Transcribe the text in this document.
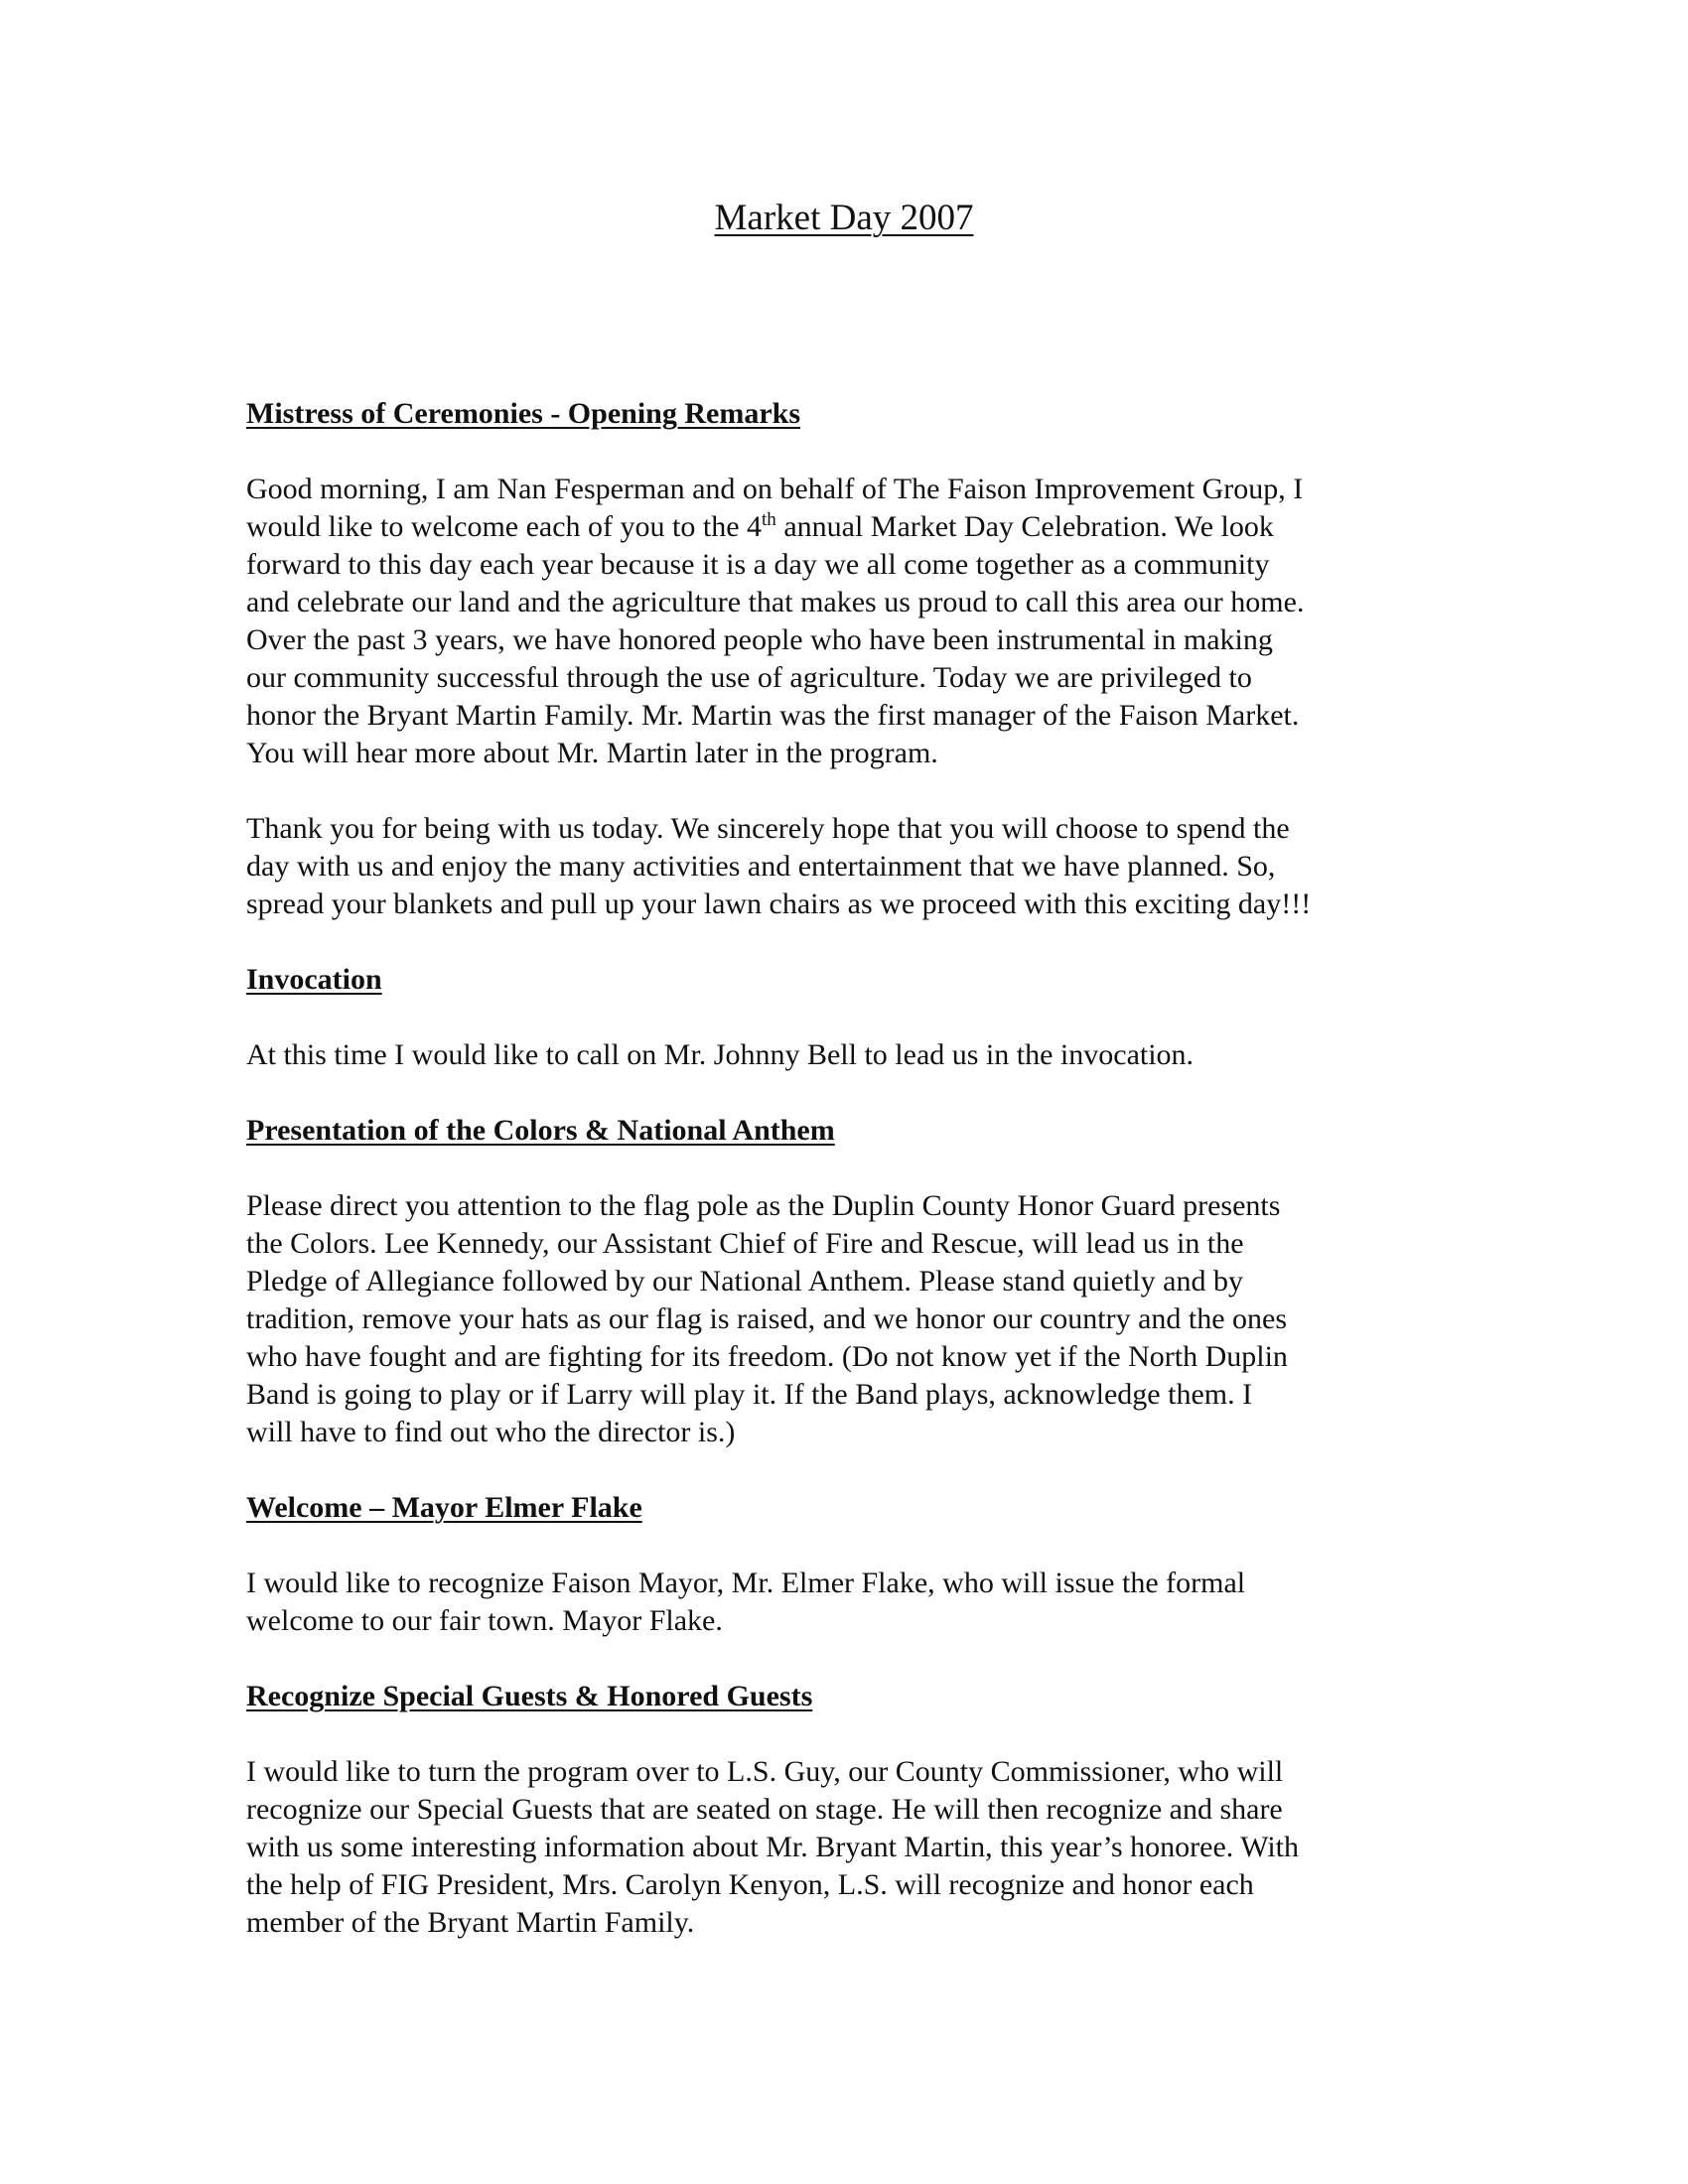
Market Day 2007
Mistress of Ceremonies - Opening Remarks
Good morning, I am Nan Fesperman and on behalf of The Faison Improvement Group, I
would like to welcome each of you to the 4th annual Market Day Celebration. We look
forward to this day each year because it is a day we all come together as a community
and celebrate our land and the agriculture that makes us proud to call this area our home.
Over the past 3 years, we have honored people who have been instrumental in making
our community successful through the use of agriculture. Today we are privileged to
honor the Bryant Martin Family. Mr. Martin was the first manager of the Faison Market.
You will hear more about Mr. Martin later in the program.
Thank you for being with us today. We sincerely hope that you will choose to spend the
day with us and enjoy the many activities and entertainment that we have planned. So,
spread your blankets and pull up your lawn chairs as we proceed with this exciting day!!!
Invocation
At this time I would like to call on Mr. Johnny Bell to lead us in the invocation.
Presentation of the Colors & National Anthem
Please direct you attention to the flag pole as the Duplin County Honor Guard presents
the Colors. Lee Kennedy, our Assistant Chief of Fire and Rescue, will lead us in the
Pledge of Allegiance followed by our National Anthem. Please stand quietly and by
tradition, remove your hats as our flag is raised, and we honor our country and the ones
who have fought and are fighting for its freedom. (Do not know yet if the North Duplin
Band is going to play or if Larry will play it. If the Band plays, acknowledge them. I
will have to find out who the director is.)
Welcome – Mayor Elmer Flake
I would like to recognize Faison Mayor, Mr. Elmer Flake, who will issue the formal
welcome to our fair town. Mayor Flake.
Recognize Special Guests & Honored Guests
I would like to turn the program over to L.S. Guy, our County Commissioner, who will
recognize our Special Guests that are seated on stage. He will then recognize and share
with us some interesting information about Mr. Bryant Martin, this year’s honoree. With
the help of FIG President, Mrs. Carolyn Kenyon, L.S. will recognize and honor each
member of the Bryant Martin Family.
